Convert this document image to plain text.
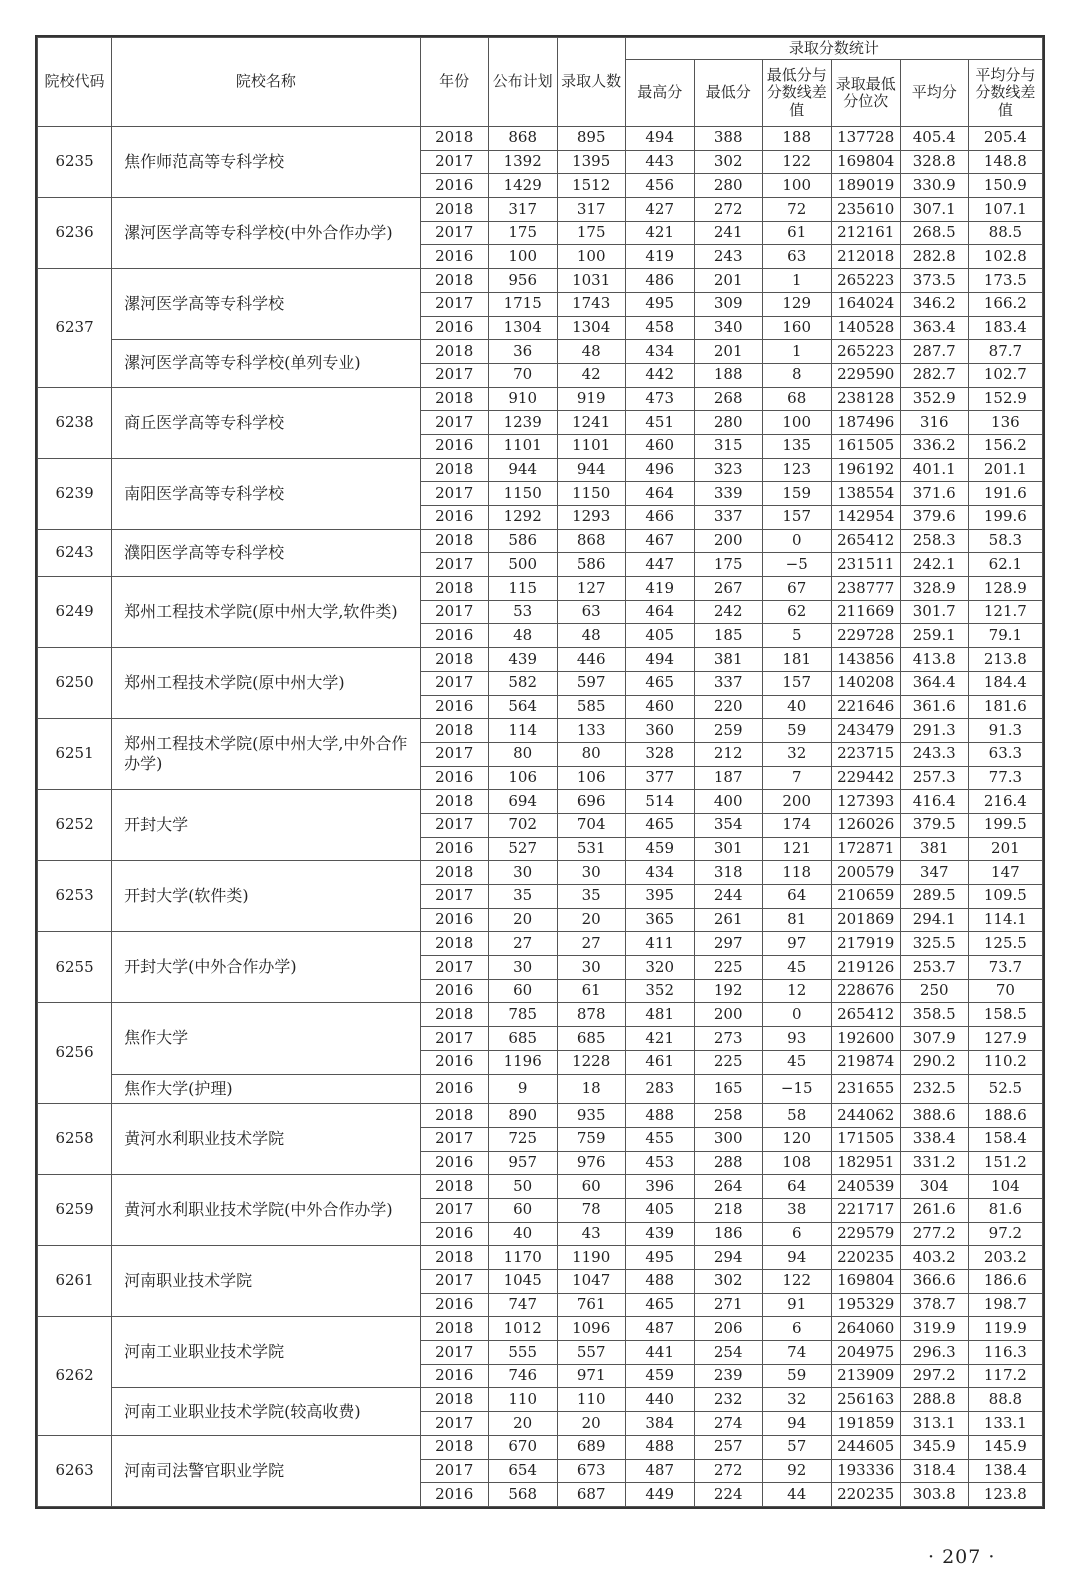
院校代码	院校名称	年份	公布计划	录取人数	录取分数统计					
					最高分	最低分	最低分与分数线差值	录取最低分位次	平均分	平均分与分数线差值
6235	焦作师范高等专科学校	2018	868	895	494	388	188	137728	405.4	205.4
		2017	1392	1395	443	302	122	169804	328.8	148.8
		2016	1429	1512	456	280	100	189019	330.9	150.9
6236	漯河医学高等专科学校(中外合作办学)	2018	317	317	427	272	72	235610	307.1	107.1
		2017	175	175	421	241	61	212161	268.5	88.5
		2016	100	100	419	243	63	212018	282.8	102.8
6237	漯河医学高等专科学校	2018	956	1031	486	201	1	265223	373.5	173.5
		2017	1715	1743	495	309	129	164024	346.2	166.2
		2016	1304	1304	458	340	160	140528	363.4	183.4
	漯河医学高等专科学校(单列专业)	2018	36	48	434	201	1	265223	287.7	87.7
		2017	70	42	442	188	8	229590	282.7	102.7
6238	商丘医学高等专科学校	2018	910	919	473	268	68	238128	352.9	152.9
		2017	1239	1241	451	280	100	187496	316	136
		2016	1101	1101	460	315	135	161505	336.2	156.2
6239	南阳医学高等专科学校	2018	944	944	496	323	123	196192	401.1	201.1
		2017	1150	1150	464	339	159	138554	371.6	191.6
		2016	1292	1293	466	337	157	142954	379.6	199.6
6243	濮阳医学高等专科学校	2018	586	868	467	200	0	265412	258.3	58.3
		2017	500	586	447	175	−5	231511	242.1	62.1
6249	郑州工程技术学院(原中州大学,软件类)	2018	115	127	419	267	67	238777	328.9	128.9
		2017	53	63	464	242	62	211669	301.7	121.7
		2016	48	48	405	185	5	229728	259.1	79.1
6250	郑州工程技术学院(原中州大学)	2018	439	446	494	381	181	143856	413.8	213.8
		2017	582	597	465	337	157	140208	364.4	184.4
		2016	564	585	460	220	40	221646	361.6	181.6
6251	郑州工程技术学院(原中州大学,中外合作办学)	2018	114	133	360	259	59	243479	291.3	91.3
		2017	80	80	328	212	32	223715	243.3	63.3
		2016	106	106	377	187	7	229442	257.3	77.3
6252	开封大学	2018	694	696	514	400	200	127393	416.4	216.4
		2017	702	704	465	354	174	126026	379.5	199.5
		2016	527	531	459	301	121	172871	381	201
6253	开封大学(软件类)	2018	30	30	434	318	118	200579	347	147
		2017	35	35	395	244	64	210659	289.5	109.5
		2016	20	20	365	261	81	201869	294.1	114.1
6255	开封大学(中外合作办学)	2018	27	27	411	297	97	217919	325.5	125.5
		2017	30	30	320	225	45	219126	253.7	73.7
		2016	60	61	352	192	12	228676	250	70
6256	焦作大学	2018	785	878	481	200	0	265412	358.5	158.5
		2017	685	685	421	273	93	192600	307.9	127.9
		2016	1196	1228	461	225	45	219874	290.2	110.2
	焦作大学(护理)	2016	9	18	283	165	−15	231655	232.5	52.5
6258	黄河水利职业技术学院	2018	890	935	488	258	58	244062	388.6	188.6
		2017	725	759	455	300	120	171505	338.4	158.4
		2016	957	976	453	288	108	182951	331.2	151.2
6259	黄河水利职业技术学院(中外合作办学)	2018	50	60	396	264	64	240539	304	104
		2017	60	78	405	218	38	221717	261.6	81.6
		2016	40	43	439	186	6	229579	277.2	97.2
6261	河南职业技术学院	2018	1170	1190	495	294	94	220235	403.2	203.2
		2017	1045	1047	488	302	122	169804	366.6	186.6
		2016	747	761	465	271	91	195329	378.7	198.7
6262	河南工业职业技术学院	2018	1012	1096	487	206	6	264060	319.9	119.9
		2017	555	557	441	254	74	204975	296.3	116.3
		2016	746	971	459	239	59	213909	297.2	117.2
	河南工业职业技术学院(较高收费)	2018	110	110	440	232	32	256163	288.8	88.8
		2017	20	20	384	274	94	191859	313.1	133.1
6263	河南司法警官职业学院	2018	670	689	488	257	57	244605	345.9	145.9
		2017	654	673	487	272	92	193336	318.4	138.4
		2016	568	687	449	224	44	220235	303.8	123.8
· 207 ·
